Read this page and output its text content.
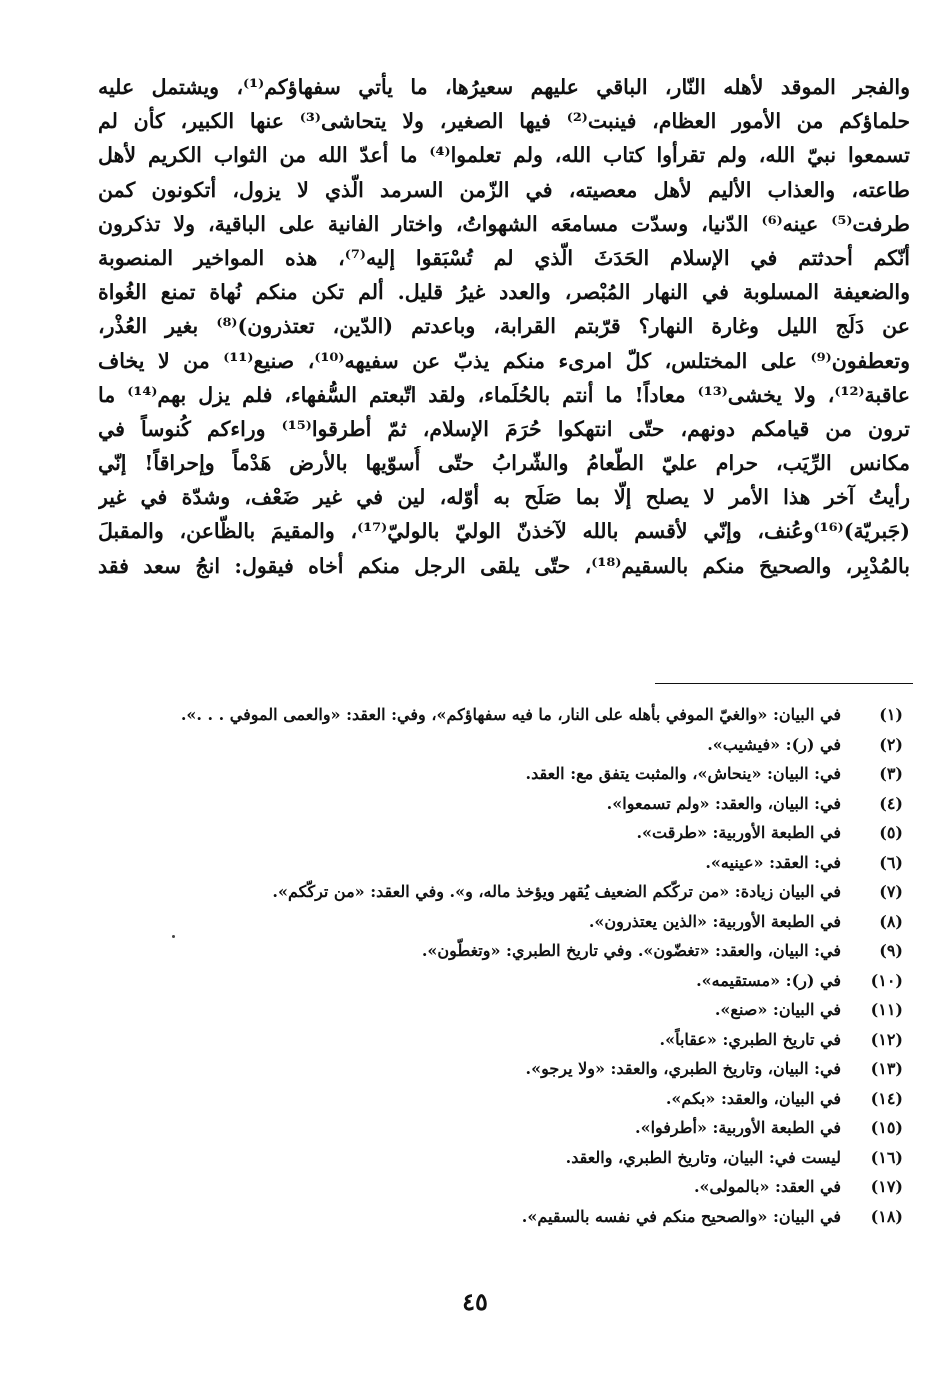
والفجر الموقد لأهله النّار، الباقي عليهم سعيرُها، ما يأتي سفهاؤكم⁽¹⁾، ويشتمل عليه
حلماؤكم من الأمور العظام، فينبت⁽²⁾ فيها الصغير، ولا يتحاشى⁽³⁾ عنها الكبير، كأن لم
تسمعوا نبيّ الله، ولم تقرأوا كتاب الله، ولم تعلموا⁽⁴⁾ ما أعدّ الله من الثواب الكريم لأهل
طاعته، والعذاب الأليم لأهل معصيته، في الزّمن السرمد الّذي لا يزول، أتكونون كمن
طرفت⁽⁵⁾ عينه⁽⁶⁾ الدّنيا، وسدّت مسامعَه الشهواتُ، واختار الفانية على الباقية، ولا تذكرون
أنّكم أحدثتم في الإسلام الحَدَثَ الّذي لم تُسْبَقوا إليه⁽⁷⁾، هذه المواخير المنصوبة
والضعيفة المسلوبة في النهار المُبْصر، والعدد غيرُ قليل. ألم تكن منكم نُهاة تمنع الغُواة
عن دَلَج الليل وغارة النهار؟ قرّبتم القرابة، وباعدتم (الدّين، تعتذرون)⁽⁸⁾ بغير العُذْر،
وتعطفون⁽⁹⁾ على المختلس، كلّ امرىء منكم يذبّ عن سفيهه⁽¹⁰⁾، صنيع⁽¹¹⁾ من لا يخاف
عاقبة⁽¹²⁾، ولا يخشى⁽¹³⁾ معاداً! ما أنتم بالحُلَماء، ولقد اتّبعتم السُّفهاء، فلم يزل بهم⁽¹⁴⁾ ما
ترون من قيامكم دونهم، حتّى انتهكوا حُرَمَ الإسلام، ثمّ أطرقوا⁽¹⁵⁾ وراءكم كُنوساً في
مكانس الرِّيَب، حرام عليّ الطّعامُ والشّرابُ حتّى أُسوّيها بالأرض هَدْماً وإحراقاً! إنّي
رأيتُ آخر هذا الأمر لا يصلح إلّا بما صَلَح به أوّله، لين في غير ضَعْف، وشدّة في غير
(جَبريّة)⁽¹⁶⁾وعُنف، وإنّي لأقسم بالله لآخذنّ الوليّ بالوليّ⁽¹⁷⁾، والمقيمَ بالظّاعن، والمقبلَ
بالمُدْبِر، والصحيحَ منكم بالسقيم⁽¹⁸⁾، حتّى يلقى الرجل منكم أخاه فيقول: انجُ سعد فقد
(١)
في البيان: «والغيّ الموفي بأهله على النار، ما فيه سفهاؤكم»، وفي: العقد: «والعمى الموفي . . .».
(٢)
في (ر): «فيشيب».
(٣)
في: البيان: «ينحاش»، والمثبت يتفق مع: العقد.
(٤)
في: البيان، والعقد: «ولم تسمعوا».
(٥)
في الطبعة الأوربية: «طرقت».
(٦)
في: العقد: «عينيه».
(٧)
في البيان زيادة: «من تركّكم الضعيف يُقهر ويؤخذ ماله، و». وفي العقد: «من تركّكم».
(٨)
في الطبعة الأوربية: «الذين يعتذرون».
(٩)
في: البيان، والعقد: «تغضّون». وفي تاريخ الطبري: «وتغطّون».
(١٠)
في (ر): «مستقيمه».
(١١)
في البيان: «صنع».
(١٢)
في تاريخ الطبري: «عقاباً».
(١٣)
في: البيان، وتاريخ الطبري، والعقد: «ولا يرجو».
(١٤)
في البيان، والعقد: «بكم».
(١٥)
في الطبعة الأوربية: «أطرفوا».
(١٦)
ليست في: البيان، وتاريخ الطبري، والعقد.
(١٧)
في العقد: «بالمولى».
(١٨)
في البيان: «والصحيح منكم في نفسه بالسقيم».
٤٥
